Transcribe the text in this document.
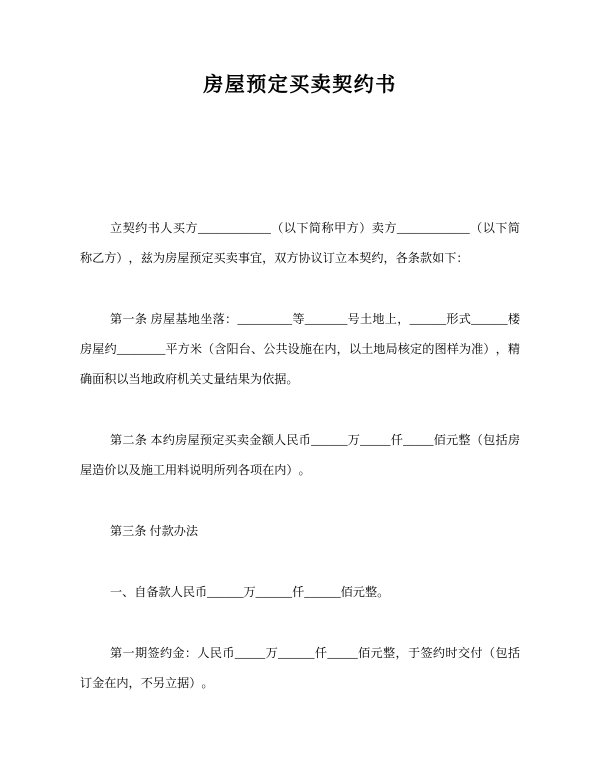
房屋预定买卖契约书

立契约书人买方____________（以下简称甲方）卖方____________（以下简称乙方），兹为房屋预定买卖事宜，双方协议订立本契约，各条款如下：

第一条 房屋基地坐落：_________等_______号土地上，______形式______楼房屋约________平方米（含阳台、公共设施在内，以土地局核定的图样为准），精确面积以当地政府机关丈量结果为依据。

第二条 本约房屋预定买卖金额人民币______万_____仟_____佰元整（包括房屋造价以及施工用料说明所列各项在内）。

第三条 付款办法

一、自备款人民币______万______仟______佰元整。

第一期签约金：人民币_____万______仟_____佰元整，于签约时交付（包括订金在内，不另立据）。
